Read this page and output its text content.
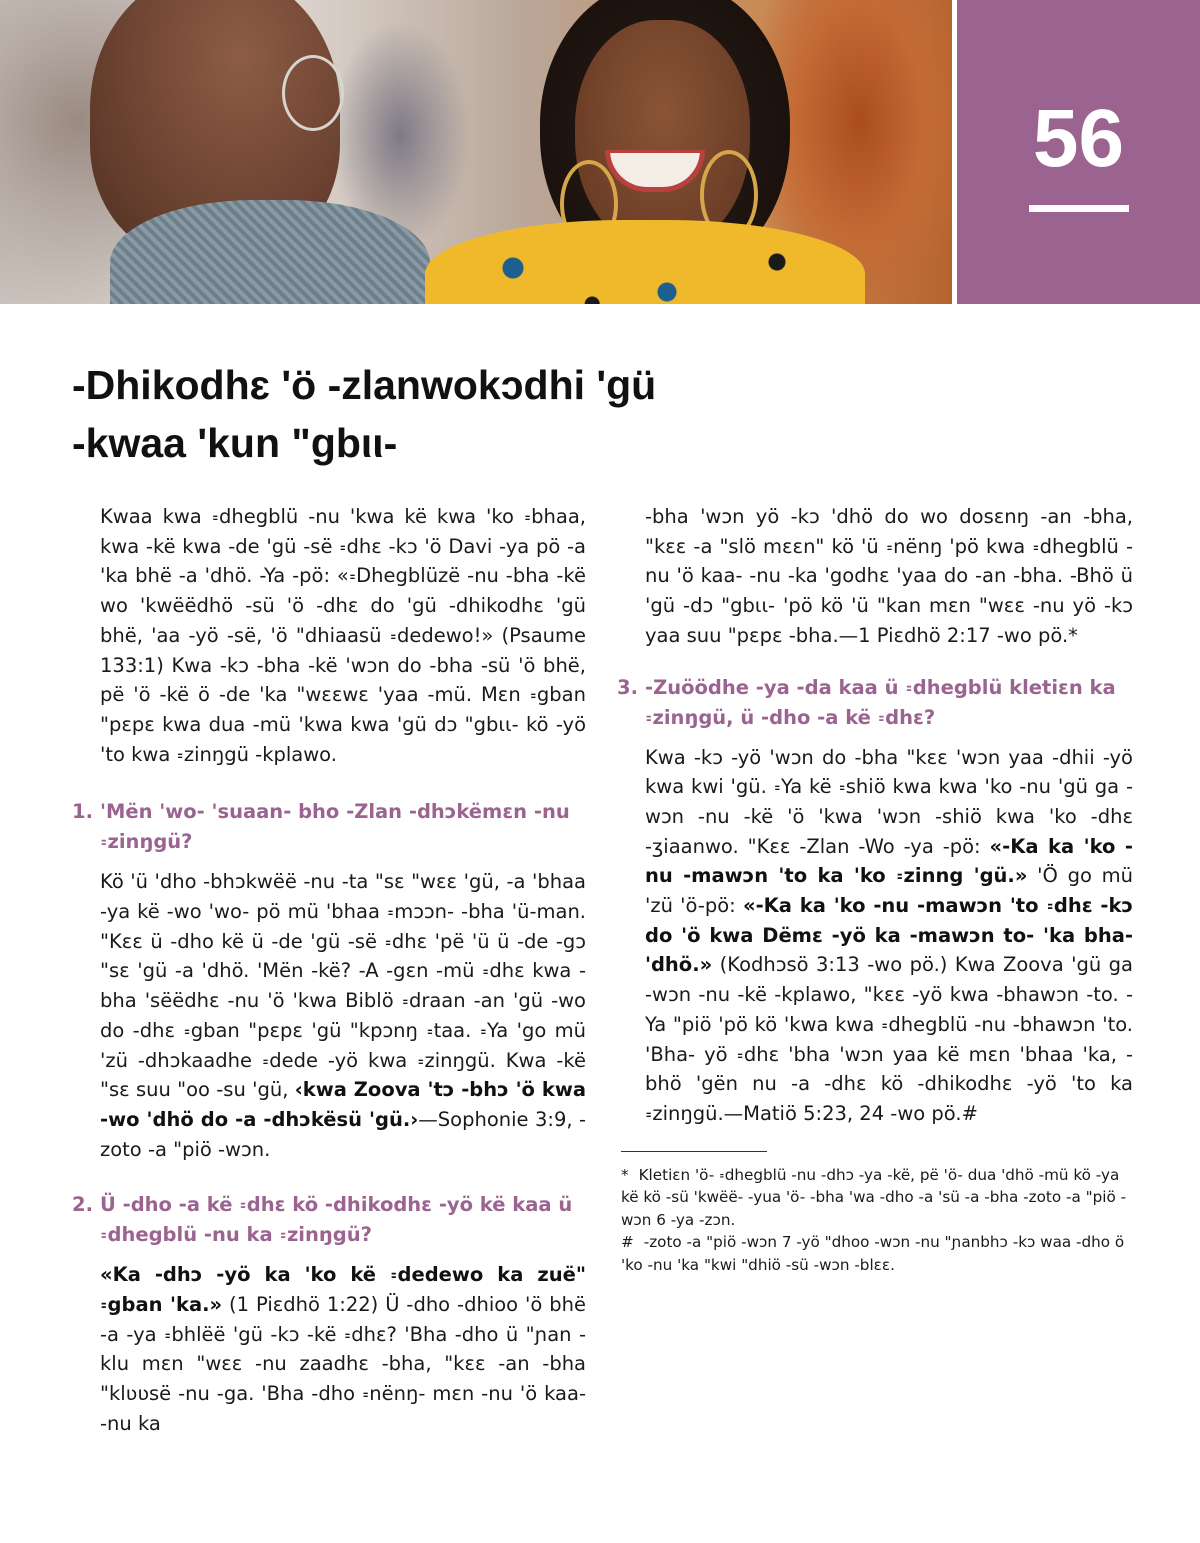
56
-Dhikodhɛ 'ö -zlanwokɔdhi 'gü
-kwaa 'kun "gbιι-

Kwaa kwa ꞊dhegblü -nu 'kwa kë kwa 'ko ꞊bhaa, kwa -kë kwa -de 'gü -së ꞊dhɛ -kɔ 'ö Davi -ya pö -a 'ka bhë -a 'dhö. -Ya -pö: «꞊Dhegblüzë -nu -bha -kë wo 'kwëëdhö -sü 'ö -dhɛ do 'gü -dhikodhɛ 'gü bhë, 'aa -yö -së, 'ö "dhiaasü ꞊dedewo!» (Psaume 133:1) Kwa -kɔ -bha -kë 'wɔn do -bha -sü 'ö bhë, pë 'ö -kë ö -de 'ka "wɛɛwɛ 'yaa -mü. Mɛn ꞊gban "pɛpɛ kwa dua -mü 'kwa kwa 'gü dɔ "gbιι- kö -yö 'to kwa ꞊zinŋgü -kplawo.

1. 'Mën 'wo- 'suaan- bho -Zlan -dhɔkëmɛn -nu ꞊zinŋgü?

Kö 'ü 'dho -bhɔkwëë -nu -ta "sɛ "wɛɛ 'gü, -a 'bhaa -ya kë -wo 'wo- pö mü 'bhaa ꞊mɔɔn- -bha 'ü-man. "Kɛɛ ü -dho kë ü -de 'gü -së ꞊dhɛ 'pë 'ü ü -de -gɔ "sɛ 'gü -a 'dhö. 'Mën -kë? -A -gɛn -mü ꞊dhɛ kwa -bha 'sëëdhɛ -nu 'ö 'kwa Biblö ꞊draan -an 'gü -wo do -dhɛ ꞊gban "pɛpɛ 'gü "kpɔnŋ ꞊taa. ꞊Ya 'go mü 'zü -dhɔkaadhe ꞊dede -yö kwa ꞊zinŋgü. Kwa -kë "sɛ suu "oo -su 'gü, ‹kwa Zoova 'tɔ -bhɔ 'ö kwa -wo 'dhö do -a -dhɔkësü 'gü.›—Sophonie 3:9, -zoto -a "piö -wɔn.

2. Ü -dho -a kë ꞊dhɛ kö -dhikodhɛ -yö kë kaa ü ꞊dhegblü -nu ka ꞊zinŋgü?

«Ka -dhɔ -yö ka 'ko kë ꞊dedewo ka zuë" ꞊gban 'ka.» (1 Piɛdhö 1:22) Ü -dho -dhioo 'ö bhë -a -ya ꞊bhlëë 'gü -kɔ -kë ꞊dhɛ? 'Bha -dho ü "ɲan -klu mɛn "wɛɛ -nu zaadhɛ -bha, "kɛɛ -an -bha "klʋʋsë -nu -ga. 'Bha -dho ꞊nënŋ- mɛn -nu 'ö kaa- -nu ka

-bha 'wɔn yö -kɔ 'dhö do wo dosɛnŋ -an -bha, "kɛɛ -a "slö mɛɛn" kö 'ü ꞊nënŋ 'pö kwa ꞊dhegblü -nu 'ö kaa- -nu -ka 'godhɛ 'yaa do -an -bha. -Bhö ü 'gü -dɔ "gbιι- 'pö kö 'ü "kan mɛn "wɛɛ -nu yö -kɔ yaa suu "pɛpɛ -bha.—1 Piɛdhö 2:17 -wo pö.*

3. -Zuöödhe -ya -da kaa ü ꞊dhegblü kletiɛn ka ꞊zinŋgü, ü -dho -a kë ꞊dhɛ?

Kwa -kɔ -yö 'wɔn do -bha "kɛɛ 'wɔn yaa -dhii -yö kwa kwi 'gü. ꞊Ya kë ꞊shiö kwa kwa 'ko -nu 'gü ga -wɔn -nu -kë 'ö 'kwa 'wɔn -shiö kwa 'ko -dhɛ -ʒiaanwo. "Kɛɛ -Zlan -Wo -ya -pö: «-Ka ka 'ko -nu -mawɔn 'to ka 'ko ꞊zinng 'gü.» 'Ö go mü 'zü 'ö-pö: «-Ka ka 'ko -nu -mawɔn 'to ꞊dhɛ -kɔ do 'ö kwa Dëmɛ -yö ka -mawɔn to- 'ka bha- 'dhö.» (Kodhɔsö 3:13 -wo pö.) Kwa Zoova 'gü ga -wɔn -nu -kë -kplawo, "kɛɛ -yö kwa -bhawɔn -to. -Ya "piö 'pö kö 'kwa kwa ꞊dhegblü -nu -bhawɔn 'to. 'Bha- yö ꞊dhɛ 'bha 'wɔn yaa kë mɛn 'bhaa 'ka, -bhö 'gën nu -a -dhɛ kö -dhikodhɛ -yö 'to ka ꞊zinŋgü.—Matiö 5:23, 24 -wo pö.#

* Kletiɛn 'ö- ꞊dhegblü -nu -dhɔ -ya -kë, pë 'ö- dua 'dhö -mü kö -ya kë kö -sü 'kwëë- -yua 'ö- -bha 'wa -dho -a 'sü -a -bha -zoto -a "piö -wɔn 6 -ya -zɔn.

# -zoto -a "piö -wɔn 7 -yö "dhoo -wɔn -nu "ɲanbhɔ -kɔ waa -dho ö 'ko -nu 'ka "kwi "dhiö -sü -wɔn -blɛɛ.
